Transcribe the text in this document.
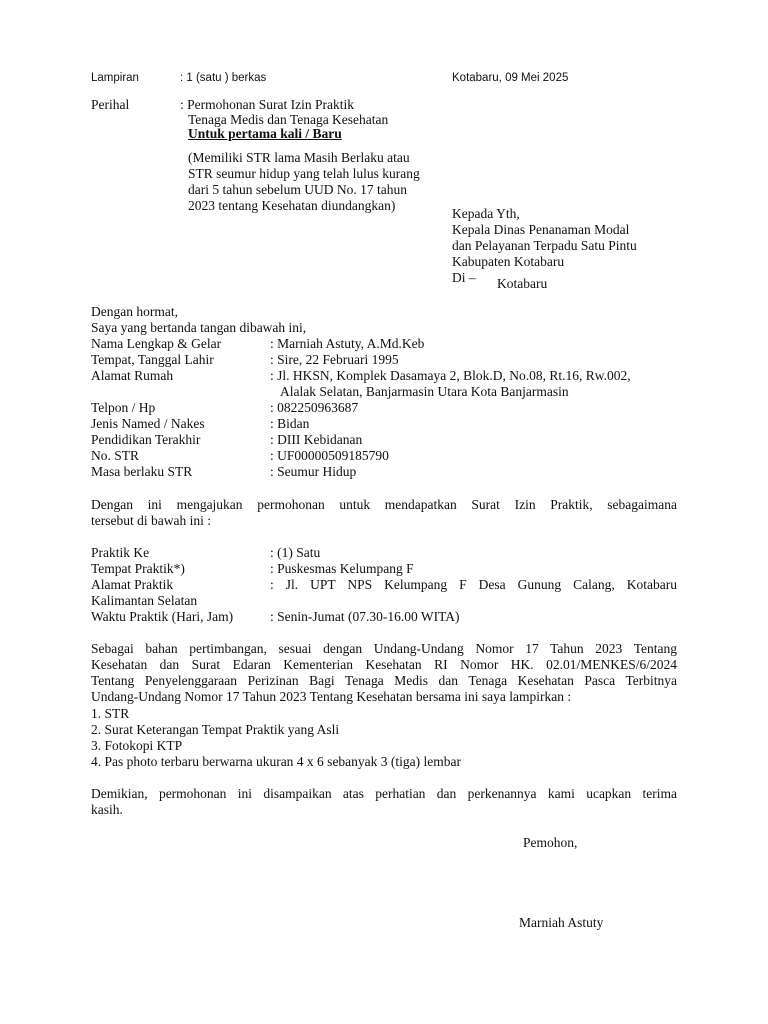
Lampiran	: 1 (satu ) berkas	Kotabaru, 09 Mei 2025
Perihal	: Permohonan Surat Izin Praktik
Tenaga Medis dan Tenaga Kesehatan
Untuk pertama kali / Baru
(Memiliki STR lama Masih Berlaku atau
STR seumur hidup yang telah lulus kurang
dari 5 tahun sebelum UUD No. 17 tahun
2023 tentang Kesehatan diundangkan)
Kepada Yth,
Kepala Dinas Penanaman Modal
dan Pelayanan Terpadu Satu Pintu
Kabupaten Kotabaru
Di –	Kotabaru
Dengan hormat,
Saya yang bertanda tangan dibawah ini,
Nama Lengkap & Gelar	: Marniah Astuty, A.Md.Keb
Tempat, Tanggal Lahir	: Sire, 22 Februari 1995
Alamat Rumah	: Jl. HKSN, Komplek Dasamaya 2, Blok.D, No.08, Rt.16, Rw.002,
Alalak Selatan, Banjarmasin Utara Kota Banjarmasin
Telpon / Hp	: 082250963687
Jenis Named / Nakes	: Bidan
Pendidikan Terakhir	: DIII Kebidanan
No. STR	: UF00000509185790
Masa berlaku STR	: Seumur Hidup
Dengan ini mengajukan permohonan untuk mendapatkan Surat Izin Praktik, sebagaimana
tersebut di bawah ini :
Praktik Ke	: (1) Satu
Tempat Praktik*)	: Puskesmas Kelumpang F
Alamat Praktik	: Jl. UPT NPS Kelumpang F Desa Gunung Calang, Kotabaru
Kalimantan Selatan
Waktu Praktik (Hari, Jam)	: Senin-Jumat (07.30-16.00 WITA)
Sebagai bahan pertimbangan, sesuai dengan Undang-Undang Nomor 17 Tahun 2023 Tentang
Kesehatan dan Surat Edaran Kementerian Kesehatan RI Nomor HK. 02.01/MENKES/6/2024
Tentang Penyelenggaraan Perizinan Bagi Tenaga Medis dan Tenaga Kesehatan Pasca Terbitnya
Undang-Undang Nomor 17 Tahun 2023 Tentang Kesehatan bersama ini saya lampirkan :
1. STR
2. Surat Keterangan Tempat Praktik yang Asli
3. Fotokopi KTP
4. Pas photo terbaru berwarna ukuran 4 x 6 sebanyak 3 (tiga) lembar
Demikian, permohonan ini disampaikan atas perhatian dan perkenannya kami ucapkan terima
kasih.
Pemohon,
Marniah Astuty
